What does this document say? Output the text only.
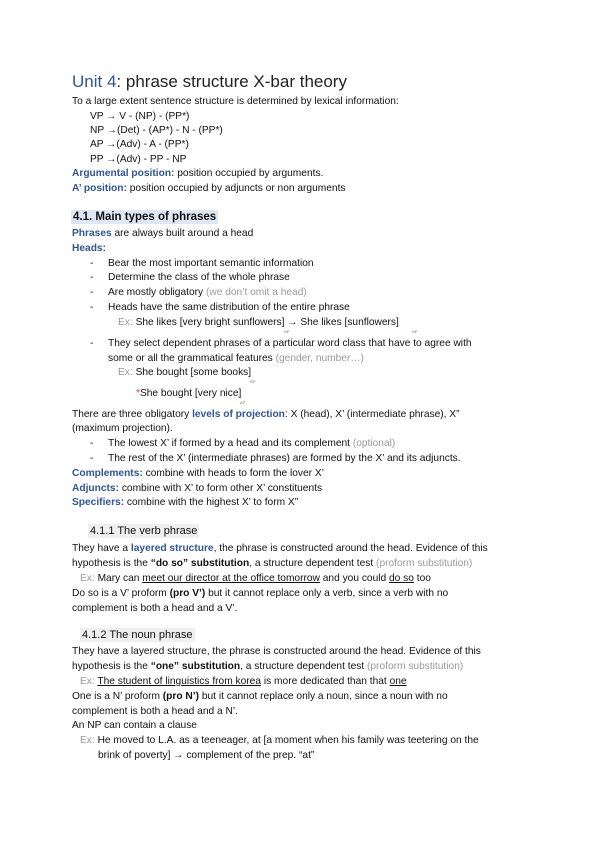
Unit 4: phrase structure X-bar theory
To a large extent sentence structure is determined by lexical information:
VP → V - (NP) - (PP*)
NP →(Det) - (AP*) - N - (PP*)
AP →(Adv) - A - (PP*)
PP →(Adv) - PP - NP
Argumental position: position occupied by arguments.
A’ position: position occupied by adjuncts or non arguments
4.1. Main types of phrases
Phrases are always built around a head
Heads:
- Bear the most important semantic information
- Determine the class of the whole phrase
- Are mostly obligatory (we don’t omit a head)
- Heads have the same distribution of the entire phrase
Ex: She likes [very bright sunflowers] → She likes [sunflowers]
NP	NP
- They select dependent phrases of a particular word class that have to agree with
some or all the grammatical features (gender, number…)
Ex: She bought [some books]
NP
*She bought [very nice]
AP
There are three obligatory levels of projection: X (head), X’ (intermediate phrase), X”
(maximum projection).
- The lowest X’ if formed by a head and its complement (optional)
- The rest of the X’ (intermediate phrases) are formed by the X’ and its adjuncts.
Complements: combine with heads to form the lover X’
Adjuncts: combine with X’ to form other X’ constituents
Specifiers: combine with the highest X’ to form X”
4.1.1 The verb phrase
They have a layered structure, the phrase is constructed around the head. Evidence of this
hypothesis is the “do so” substitution, a structure dependent test (proform substitution)
Ex: Mary can meet our director at the office tomorrow and you could do so too
Do so is a V’ proform (pro V’) but it cannot replace only a verb, since a verb with no
complement is both a head and a V’.
4.1.2 The noun phrase
They have a layered structure, the phrase is constructed around the head. Evidence of this
hypothesis is the “one” substitution, a structure dependent test (proform substitution)
Ex: The student of linguistics from korea is more dedicated than that one
One is a N’ proform (pro N’) but it cannot replace only a noun, since a noun with no
complement is both a head and a N’.
An NP can contain a clause
Ex: He moved to L.A. as a teeneager, at [a moment when his family was teetering on the
brink of poverty] → complement of the prep. “at”
